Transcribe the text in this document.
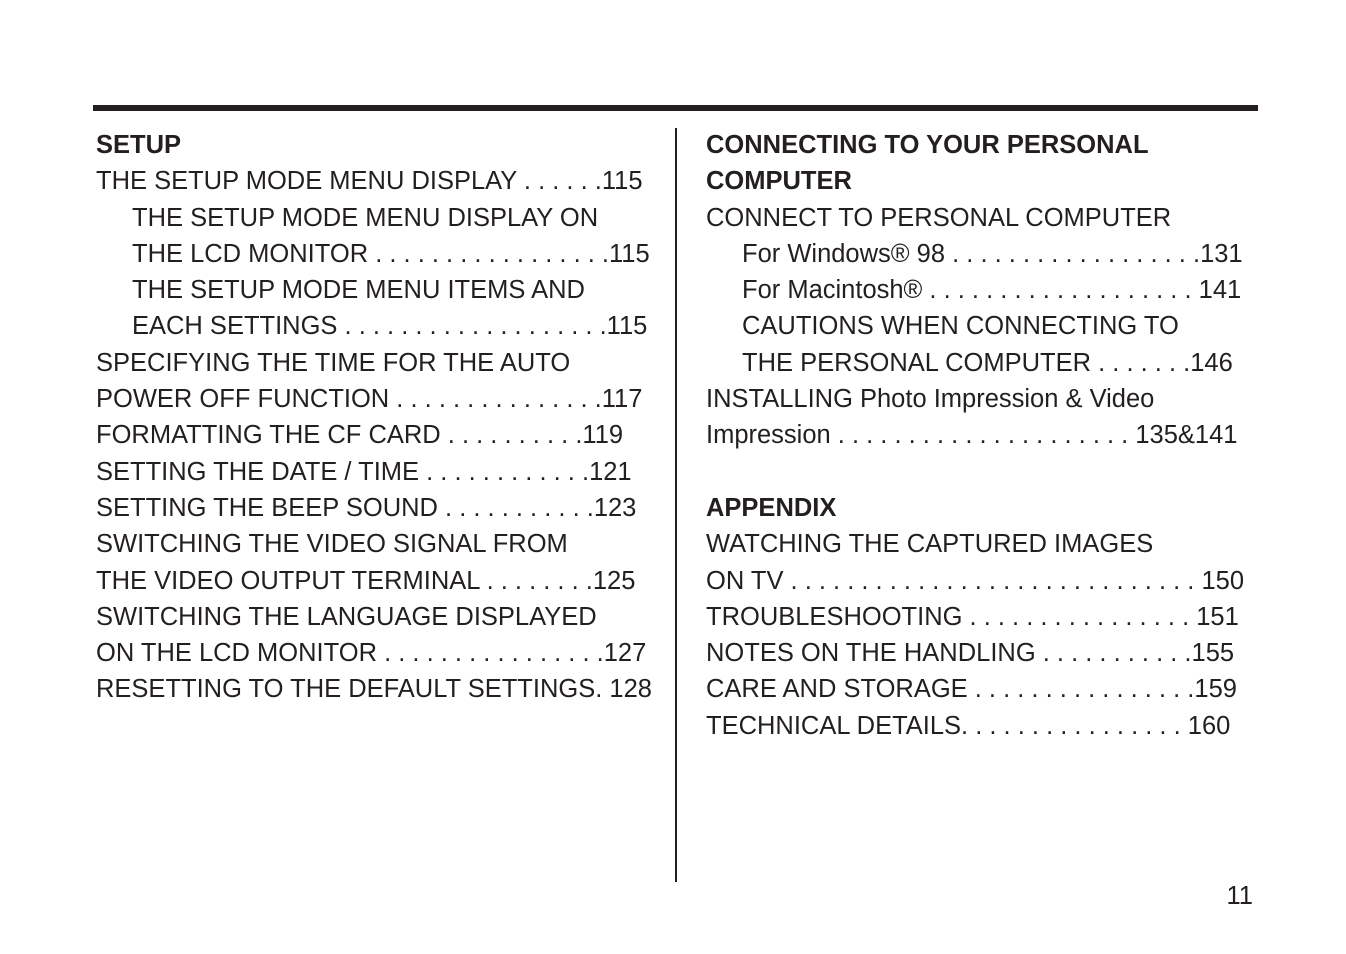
SETUP
THE SETUP MODE MENU DISPLAY . . . . . .115
THE SETUP MODE MENU DISPLAY ON
THE LCD MONITOR . . . . . . . . . . . . . . . . .115
THE SETUP MODE MENU ITEMS AND
EACH SETTINGS . . . . . . . . . . . . . . . . . . .115
SPECIFYING THE TIME FOR THE AUTO
POWER OFF FUNCTION . . . . . . . . . . . . . . .117
FORMATTING THE CF CARD . . . . . . . . . .119
SETTING THE DATE / TIME . . . . . . . . . . . .121
SETTING THE BEEP SOUND . . . . . . . . . . .123
SWITCHING THE VIDEO SIGNAL FROM
THE VIDEO OUTPUT TERMINAL . . . . . . . .125
SWITCHING THE LANGUAGE DISPLAYED
ON THE LCD MONITOR . . . . . . . . . . . . . . . .127
RESETTING TO THE DEFAULT SETTINGS. 128
CONNECTING TO YOUR PERSONAL
COMPUTER
CONNECT TO PERSONAL COMPUTER
For Windows® 98 . . . . . . . . . . . . . . . . . .131
For Macintosh® . . . . . . . . . . . . . . . . . . . 141
CAUTIONS WHEN CONNECTING TO
THE PERSONAL COMPUTER . . . . . . .146
INSTALLING Photo Impression & Video
Impression . . . . . . . . . . . . . . . . . . . . . 135&141
APPENDIX
WATCHING THE CAPTURED IMAGES
ON TV . . . . . . . . . . . . . . . . . . . . . . . . . . . . . 150
TROUBLESHOOTING . . . . . . . . . . . . . . . . 151
NOTES ON THE HANDLING . . . . . . . . . . .155
CARE AND STORAGE . . . . . . . . . . . . . . . .159
TECHNICAL DETAILS. . . . . . . . . . . . . . . . 160
11
